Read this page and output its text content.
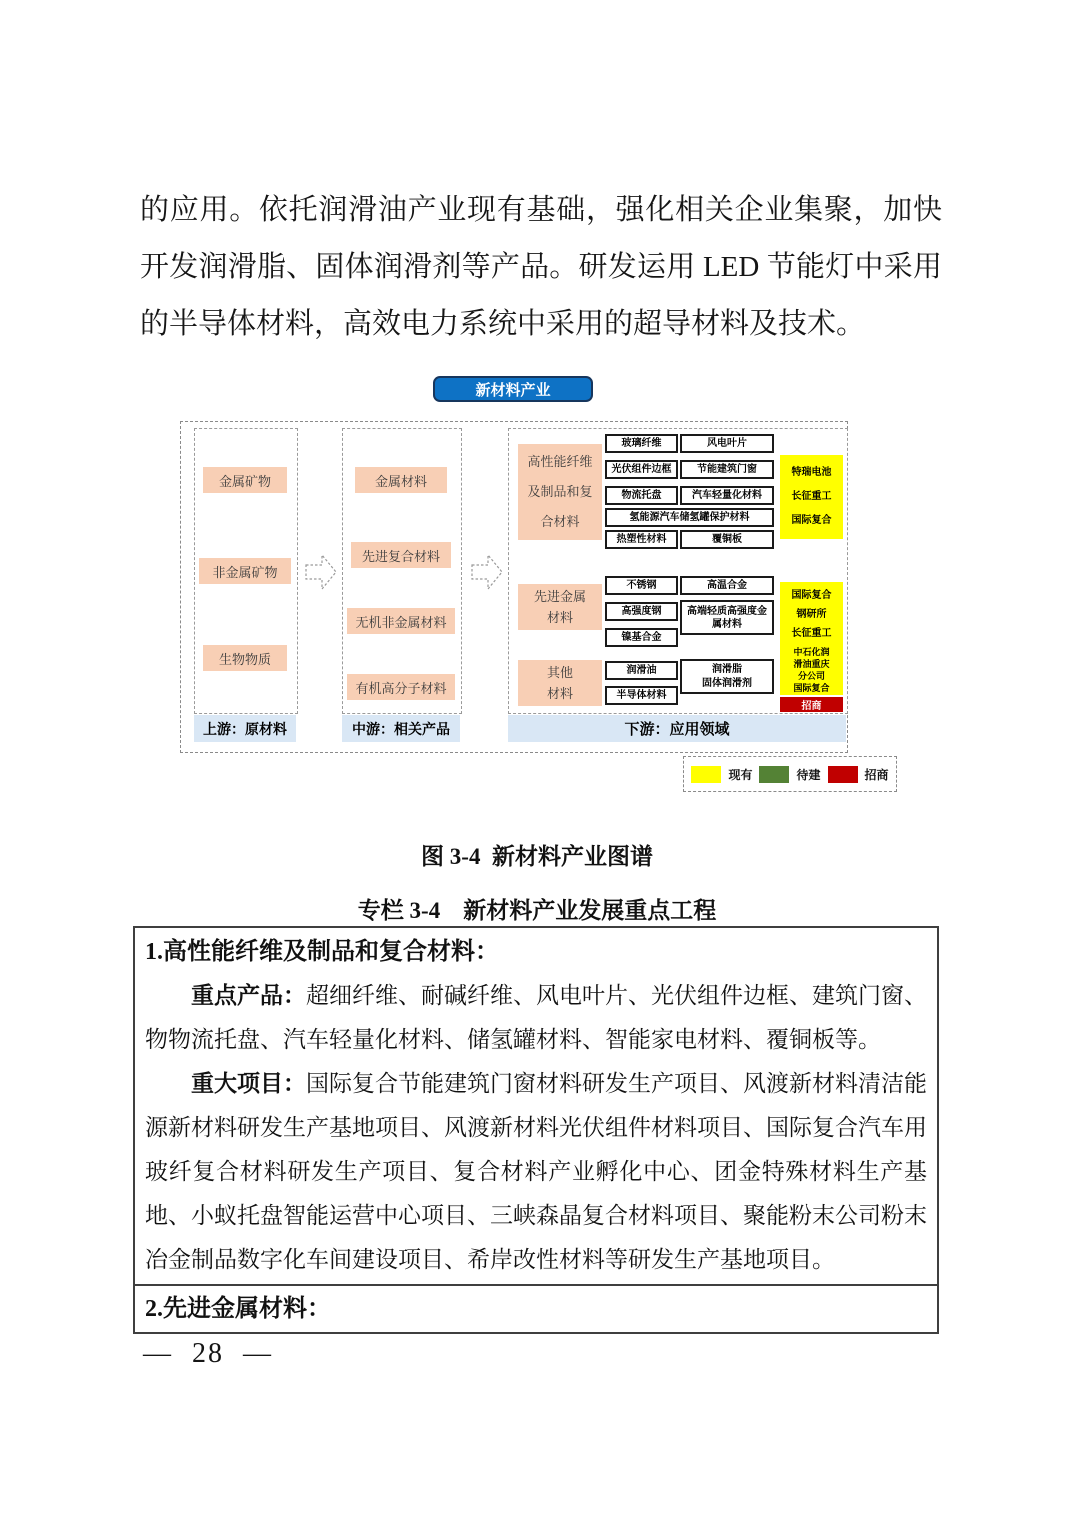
的应用。依托润滑油产业现有基础，强化相关企业集聚，加快开发润滑脂、固体润滑剂等产品。研发运用 LED 节能灯中采用的半导体材料，高效电力系统中采用的超导材料及技术。
新材料产业
金属矿物
非金属矿物
生物物质
上游：原材料
金属材料
先进复合材料
无机非金属材料
有机高分子材料
中游：相关产品
高性能纤维
及制品和复
合材料
玻璃纤维	风电叶片
光伏组件边框	节能建筑门窗
物流托盘	汽车轻量化材料
氢能源汽车储氢罐保护材料
热塑性材料	覆铜板
特瑞电池
长征重工
国际复合
先进金属
材料
不锈钢	高温合金
高强度钢	高端轻质高强度金属材料
镍基合金
国际复合
钢研所
长征重工
其他
材料
润滑油	润滑脂
固体润滑剂
半导体材料
中石化润
滑油重庆
分公司
国际复合
招商
下游：应用领域
现有	待建	招商
图 3-4  新材料产业图谱
专栏 3-4　新材料产业发展重点工程
1.高性能纤维及制品和复合材料：

重点产品：超细纤维、耐碱纤维、风电叶片、光伏组件边框、建筑门窗、物物流托盘、汽车轻量化材料、储氢罐材料、智能家电材料、覆铜板等。

重大项目：国际复合节能建筑门窗材料研发生产项目、风渡新材料清洁能源新材料研发生产基地项目、风渡新材料光伏组件材料项目、国际复合汽车用玻纤复合材料研发生产项目、复合材料产业孵化中心、团金特殊材料生产基地、小蚁托盘智能运营中心项目、三峡森晶复合材料项目、聚能粉末公司粉末冶金制品数字化车间建设项目、希岸改性材料等研发生产基地项目。

2.先进金属材料：
— 28 —
